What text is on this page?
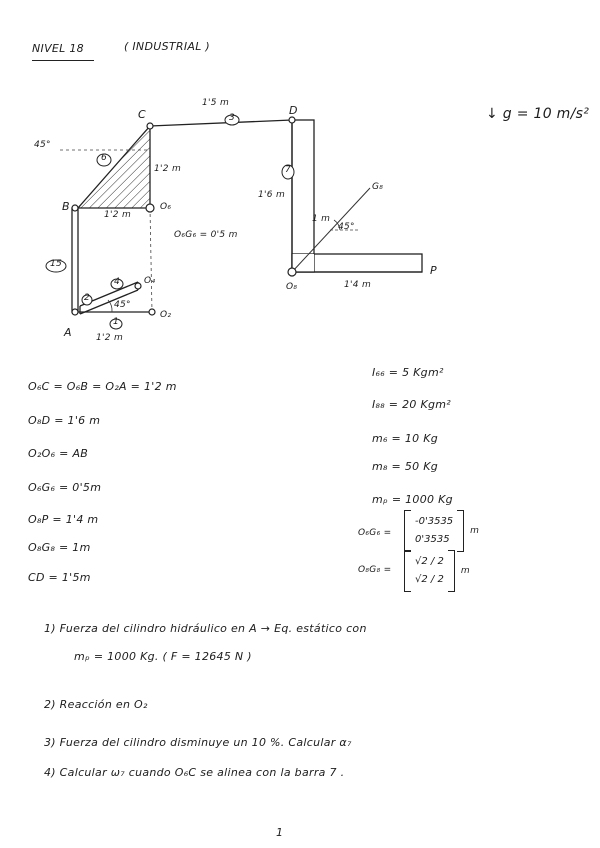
NIVEL 18	( INDUSTRIAL )
↓ g = 10 m/s²
C	D
B
A
P
O₂
O₄
O₆
O₈
G₈
45°
45°
45°
1'5 m
1'2 m
1'2 m
O₆G₆ = 0'5 m
1'6 m
1 m
1'4 m
1'2 m
3
7
15
6
4
2
1
O₆C = O₆B = O₂A = 1'2 m
O₈D = 1'6 m
O₂O₆ = AB
O₆G₆ = 0'5m
O₈P = 1'4 m
O₈G₈ = 1m
CD = 1'5m
I₆₆ = 5 Kgm²
I₈₈ = 20 Kgm²
m₆ = 10 Kg
m₈ = 50 Kg
mₚ = 1000 Kg
O₆G₆ =
-0'3535
0'3535
m
O₈G₈ =
√2 / 2
√2 / 2
m
1) Fuerza del cilindro hidráulico en A → Eq. estático con
mₚ = 1000 Kg. ( F = 12645 N )
2) Reacción en O₂
3) Fuerza del cilindro disminuye un 10 %. Calcular α₇
4) Calcular ω₇ cuando O₆C se alinea con la barra 7 .
1
